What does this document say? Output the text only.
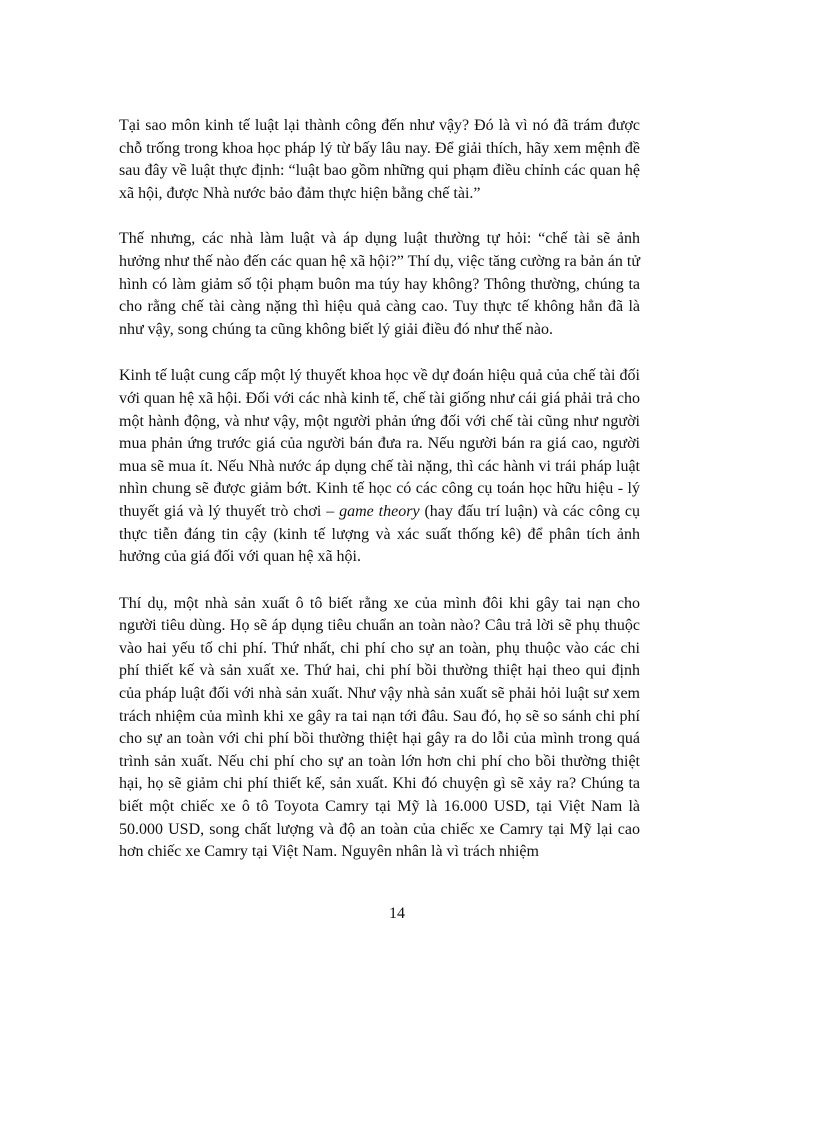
Tại sao môn kinh tế luật lại thành công đến như vậy? Đó là vì nó đã trám được chỗ trống trong khoa học pháp lý từ bấy lâu nay. Để giải thích, hãy xem mệnh đề sau đây về luật thực định: “luật bao gồm những qui phạm điều chỉnh các quan hệ xã hội, được Nhà nước bảo đảm thực hiện bằng chế tài.”

Thế nhưng, các nhà làm luật và áp dụng luật thường tự hỏi: “chế tài sẽ ảnh hưởng như thế nào đến các quan hệ xã hội?” Thí dụ, việc tăng cường ra bản án tử hình có làm giảm số tội phạm buôn ma túy hay không? Thông thường, chúng ta cho rằng chế tài càng nặng thì hiệu quả càng cao. Tuy thực tế không hẳn đã là như vậy, song chúng ta cũng không biết lý giải điều đó như thế nào.

Kinh tế luật cung cấp một lý thuyết khoa học về dự đoán hiệu quả của chế tài đối với quan hệ xã hội. Đối với các nhà kinh tế, chế tài giống như cái giá phải trả cho một hành động, và như vậy, một người phản ứng đối với chế tài cũng như người mua phản ứng trước giá của người bán đưa ra. Nếu người bán ra giá cao, người mua sẽ mua ít. Nếu Nhà nước áp dụng chế tài nặng, thì các hành vi trái pháp luật nhìn chung sẽ được giảm bớt. Kinh tế học có các công cụ toán học hữu hiệu - lý thuyết giá và lý thuyết trò chơi – game theory (hay đấu trí luận) và các công cụ thực tiễn đáng tin cậy (kinh tế lượng và xác suất thống kê) để phân tích ảnh hưởng của giá đối với quan hệ xã hội.

Thí dụ, một nhà sản xuất ô tô biết rằng xe của mình đôi khi gây tai nạn cho người tiêu dùng. Họ sẽ áp dụng tiêu chuẩn an toàn nào? Câu trả lời sẽ phụ thuộc vào hai yếu tố chi phí. Thứ nhất, chi phí cho sự an toàn, phụ thuộc vào các chi phí thiết kế và sản xuất xe. Thứ hai, chi phí bồi thường thiệt hại theo qui định của pháp luật đối với nhà sản xuất. Như vậy nhà sản xuất sẽ phải hỏi luật sư xem trách nhiệm của mình khi xe gây ra tai nạn tới đâu. Sau đó, họ sẽ so sánh chi phí cho sự an toàn với chi phí bồi thường thiệt hại gây ra do lỗi của mình trong quá trình sản xuất. Nếu chi phí cho sự an toàn lớn hơn chi phí cho bồi thường thiệt hại, họ sẽ giảm chi phí thiết kế, sản xuất. Khi đó chuyện gì sẽ xảy ra? Chúng ta biết một chiếc xe ô tô Toyota Camry tại Mỹ là 16.000 USD, tại Việt Nam là 50.000 USD, song chất lượng và độ an toàn của chiếc xe Camry tại Mỹ lại cao hơn chiếc xe Camry tại Việt Nam. Nguyên nhân là vì trách nhiệm

14
